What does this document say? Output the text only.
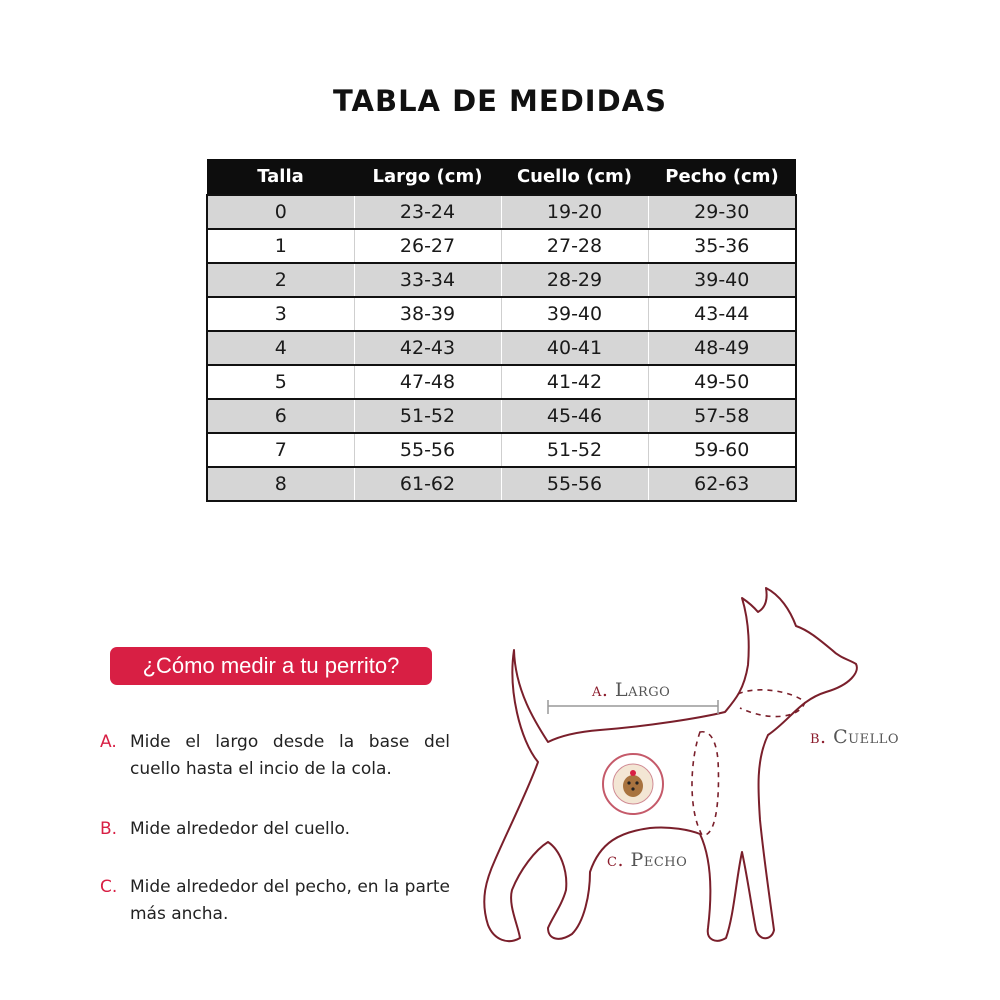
TABLA DE MEDIDAS
Talla	Largo (cm)	Cuello (cm)	Pecho (cm)
0	23-24	19-20	29-30
1	26-27	27-28	35-36
2	33-34	28-29	39-40
3	38-39	39-40	43-44
4	42-43	40-41	48-49
5	47-48	41-42	49-50
6	51-52	45-46	57-58
7	55-56	51-52	59-60
8	61-62	55-56	62-63
¿Cómo medir a tu perrito?
A. Mide el largo desde la base del cuello hasta el incio de la cola.
B. Mide alrededor del cuello.
C. Mide alrededor del pecho, en la parte más ancha.
a. Largo
b. Cuello
c. Pecho
